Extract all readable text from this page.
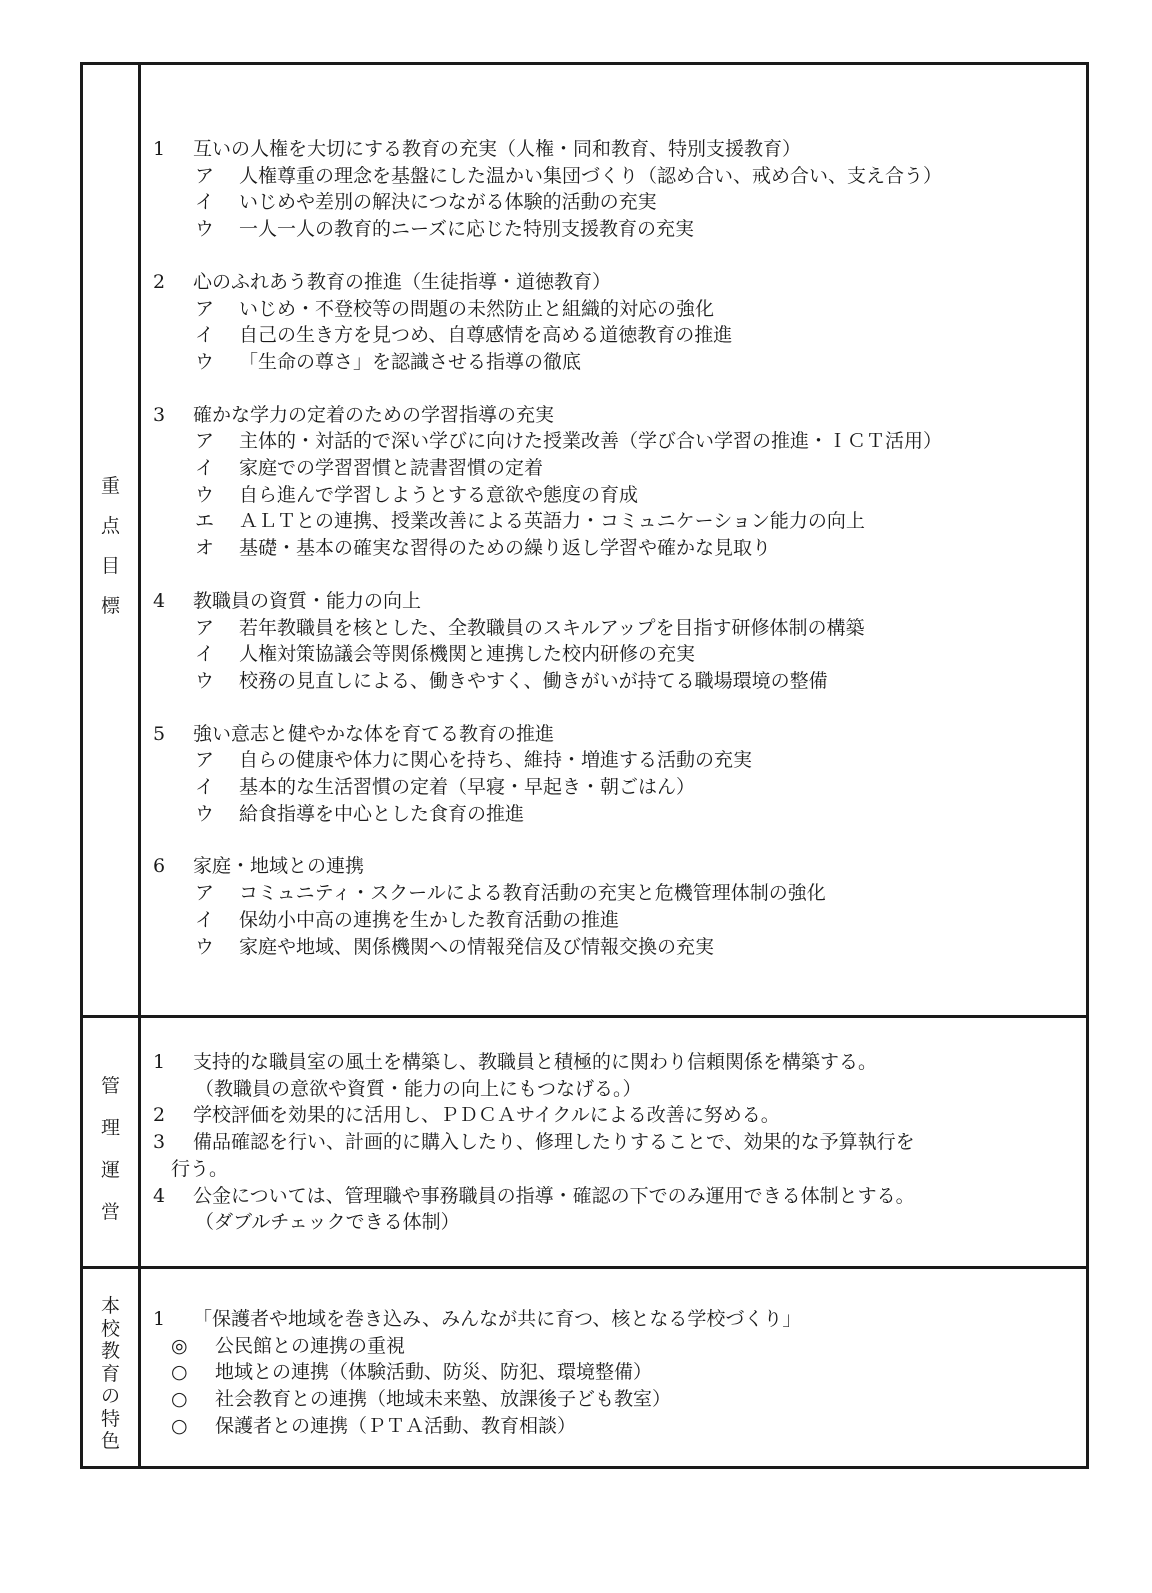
重
点
目
標
1 互いの人権を大切にする教育の充実（人権・同和教育、特別支援教育）
ア 人権尊重の理念を基盤にした温かい集団づくり（認め合い、戒め合い、支え合う）
イ いじめや差別の解決につながる体験的活動の充実
ウ 一人一人の教育的ニーズに応じた特別支援教育の充実
2 心のふれあう教育の推進（生徒指導・道徳教育）
ア いじめ・不登校等の問題の未然防止と組織的対応の強化
イ 自己の生き方を見つめ、自尊感情を高める道徳教育の推進
ウ 「生命の尊さ」を認識させる指導の徹底
3 確かな学力の定着のための学習指導の充実
ア 主体的・対話的で深い学びに向けた授業改善（学び合い学習の推進・ＩＣＴ活用）
イ 家庭での学習習慣と読書習慣の定着
ウ 自ら進んで学習しようとする意欲や態度の育成
エ ＡＬＴとの連携、授業改善による英語力・コミュニケーション能力の向上
オ 基礎・基本の確実な習得のための繰り返し学習や確かな見取り
4 教職員の資質・能力の向上
ア 若年教職員を核とした、全教職員のスキルアップを目指す研修体制の構築
イ 人権対策協議会等関係機関と連携した校内研修の充実
ウ 校務の見直しによる、働きやすく、働きがいが持てる職場環境の整備
5 強い意志と健やかな体を育てる教育の推進
ア 自らの健康や体力に関心を持ち、維持・増進する活動の充実
イ 基本的な生活習慣の定着（早寝・早起き・朝ごはん）
ウ 給食指導を中心とした食育の推進
6 家庭・地域との連携
ア コミュニティ・スクールによる教育活動の充実と危機管理体制の強化
イ 保幼小中高の連携を生かした教育活動の推進
ウ 家庭や地域、関係機関への情報発信及び情報交換の充実
管
理
運
営
1 支持的な職員室の風土を構築し、教職員と積極的に関わり信頼関係を構築する。
（教職員の意欲や資質・能力の向上にもつなげる。）
2 学校評価を効果的に活用し、ＰＤＣＡサイクルによる改善に努める。
3 備品確認を行い、計画的に購入したり、修理したりすることで、効果的な予算執行を
行う。
4 公金については、管理職や事務職員の指導・確認の下でのみ運用できる体制とする。
（ダブルチェックできる体制）
本
校
教
育
の
特
色
1 「保護者や地域を巻き込み、みんなが共に育つ、核となる学校づくり」
◎ 公民館との連携の重視
○ 地域との連携（体験活動、防災、防犯、環境整備）
○ 社会教育との連携（地域未来塾、放課後子ども教室）
○ 保護者との連携（ＰＴＡ活動、教育相談）
